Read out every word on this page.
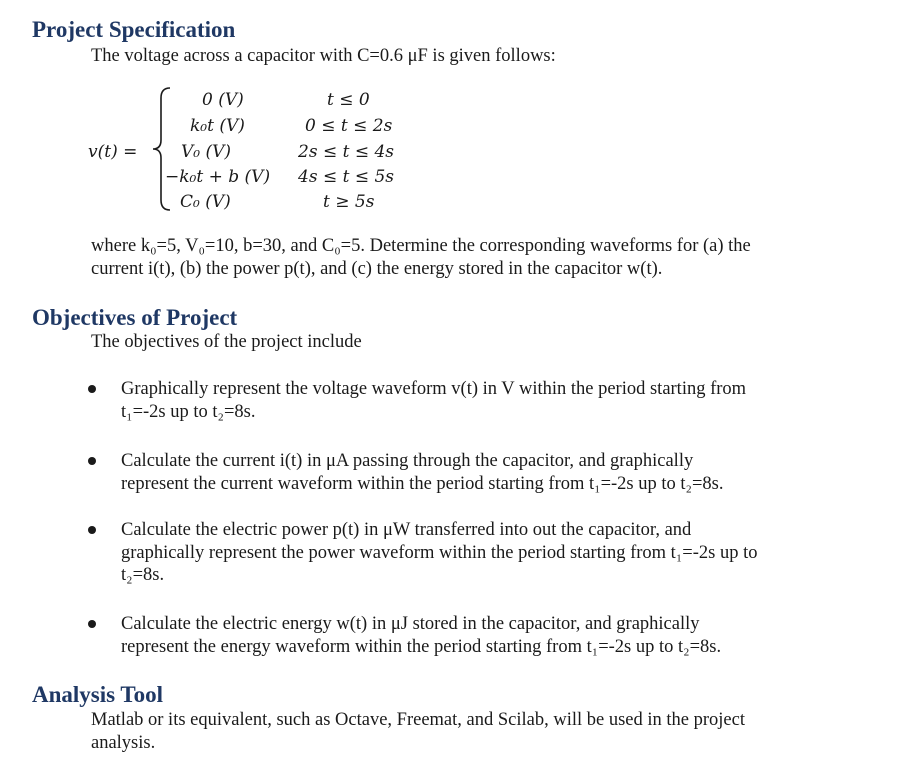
Project Specification
The voltage across a capacitor with C=0.6 μF is given follows:
v(t) =
0 (V)	t ≤ 0
k₀t (V)	0 ≤ t ≤ 2s
V₀ (V)	2s ≤ t ≤ 4s
−k₀t + b (V) 4s ≤ t ≤ 5s
C₀ (V)	t ≥ 5s
where k₀=5, V₀=10, b=30, and C₀=5. Determine the corresponding waveforms for (a) the
current i(t), (b) the power p(t), and (c) the energy stored in the capacitor w(t).
Objectives of Project
The objectives of the project include
Graphically represent the voltage waveform v(t) in V within the period starting from
t₁=-2s up to t₂=8s.
Calculate the current i(t) in μA passing through the capacitor, and graphically
represent the current waveform within the period starting from t₁=-2s up to t₂=8s.
Calculate the electric power p(t) in μW transferred into out the capacitor, and
graphically represent the power waveform within the period starting from t₁=-2s up to
t₂=8s.
Calculate the electric energy w(t) in μJ stored in the capacitor, and graphically
represent the energy waveform within the period starting from t₁=-2s up to t₂=8s.
Analysis Tool
Matlab or its equivalent, such as Octave, Freemat, and Scilab, will be used in the project
analysis.
